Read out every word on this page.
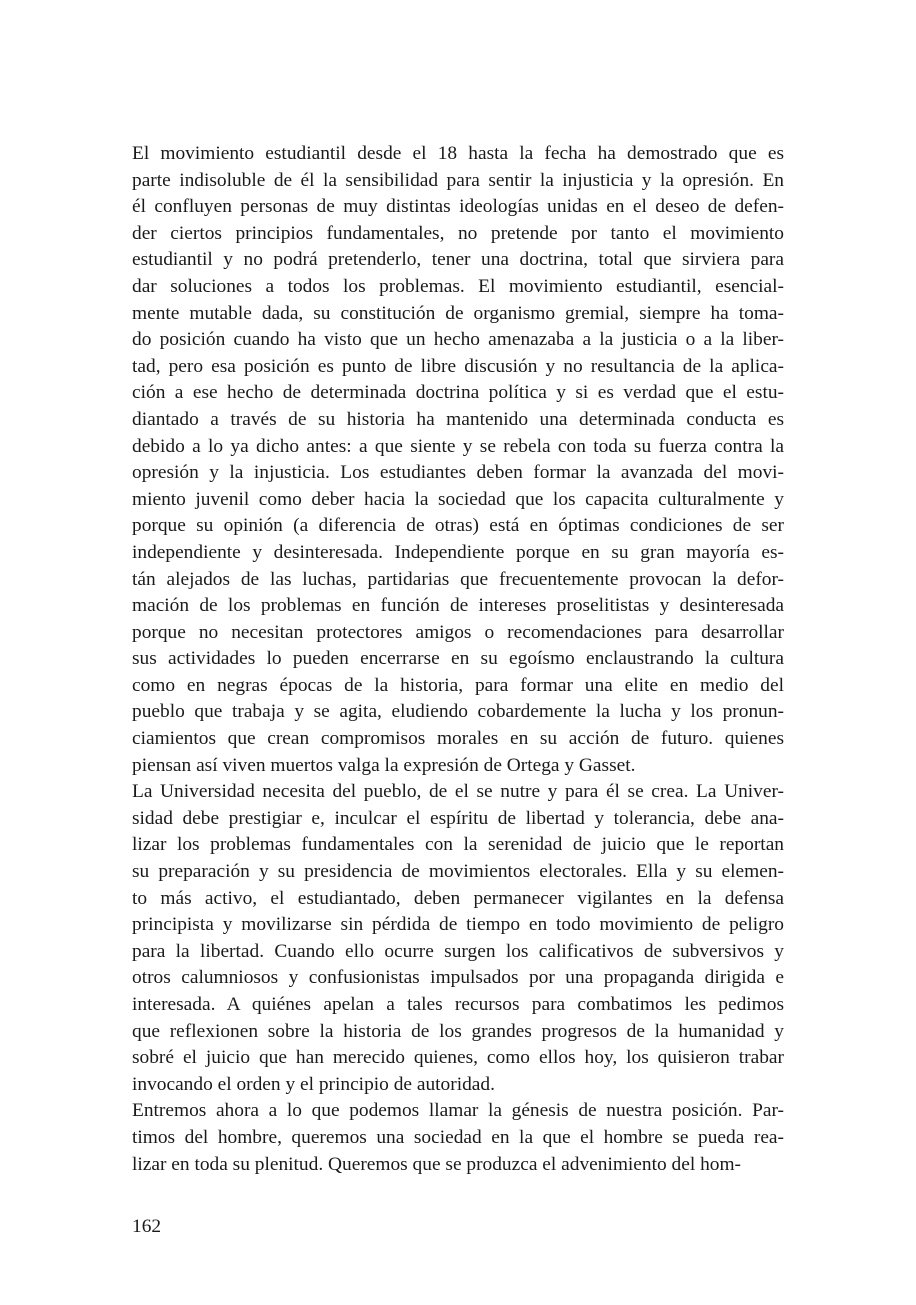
El movimiento estudiantil desde el 18 hasta la fecha ha demostrado que es
parte indisoluble de él la sensibilidad para sentir la injusticia y la opresión. En
él confluyen personas de muy distintas ideologías unidas en el deseo de defen-
der ciertos principios fundamentales, no pretende por tanto el movimiento
estudiantil y no podrá pretenderlo, tener una doctrina, total que sirviera para
dar soluciones a todos los problemas. El movimiento estudiantil, esencial-
mente mutable dada, su constitución de organismo gremial, siempre ha toma-
do posición cuando ha visto que un hecho amenazaba a la justicia o a la liber-
tad, pero esa posición es punto de libre discusión y no resultancia de la aplica-
ción a ese hecho de determinada doctrina política y si es verdad que el estu-
diantado a través de su historia ha mantenido una determinada conducta es
debido a lo ya dicho antes: a que siente y se rebela con toda su fuerza contra la
opresión y la injusticia. Los estudiantes deben formar la avanzada del movi-
miento juvenil como deber hacia la sociedad que los capacita culturalmente y
porque su opinión (a diferencia de otras) está en óptimas condiciones de ser
independiente y desinteresada. Independiente porque en su gran mayoría es-
tán alejados de las luchas, partidarias que frecuentemente provocan la defor-
mación de los problemas en función de intereses proselitistas y desinteresada
porque no necesitan protectores amigos o recomendaciones para desarrollar
sus actividades lo pueden encerrarse en su egoísmo enclaustrando la cultura
como en negras épocas de la historia, para formar una elite en medio del
pueblo que trabaja y se agita, eludiendo cobardemente la lucha y los pronun-
ciamientos que crean compromisos morales en su acción de futuro. quienes
piensan así viven muertos valga la expresión de Ortega y Gasset.
La Universidad necesita del pueblo, de el se nutre y para él se crea. La Univer-
sidad debe prestigiar e, inculcar el espíritu de libertad y tolerancia, debe ana-
lizar los problemas fundamentales con la serenidad de juicio que le reportan
su preparación y su presidencia de movimientos electorales. Ella y su elemen-
to más activo, el estudiantado, deben permanecer vigilantes en la defensa
principista y movilizarse sin pérdida de tiempo en todo movimiento de peligro
para la libertad. Cuando ello ocurre surgen los calificativos de subversivos y
otros calumniosos y confusionistas impulsados por una propaganda dirigida e
interesada. A quiénes apelan a tales recursos para combatimos les pedimos
que reflexionen sobre la historia de los grandes progresos de la humanidad y
sobré el juicio que han merecido quienes, como ellos hoy, los quisieron trabar
invocando el orden y el principio de autoridad.
Entremos ahora a lo que podemos llamar la génesis de nuestra posición. Par-
timos del hombre, queremos una sociedad en la que el hombre se pueda rea-
lizar en toda su plenitud. Queremos que se produzca el advenimiento del hom-
162
